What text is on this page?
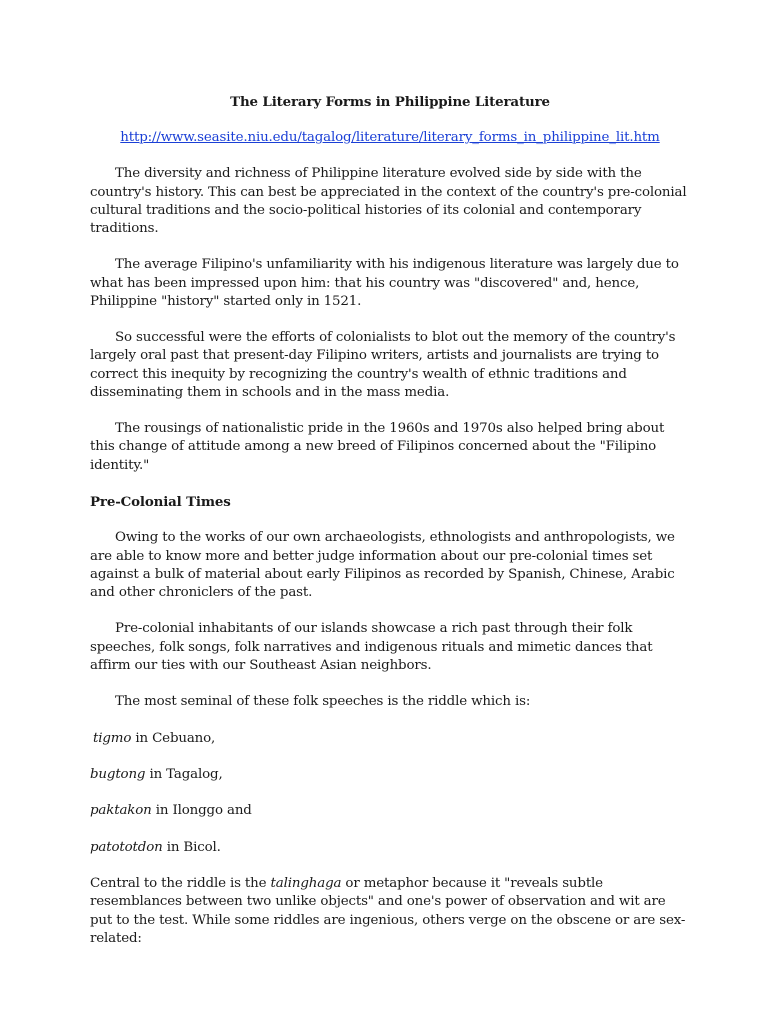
The Literary Forms in Philippine Literature
http://www.seasite.niu.edu/tagalog/literature/literary_forms_in_philippine_lit.htm

The diversity and richness of Philippine literature evolved side by side with the country's history. This can best be appreciated in the context of the country's pre-colonial cultural traditions and the socio-political histories of its colonial and contemporary traditions.

The average Filipino's unfamiliarity with his indigenous literature was largely due to what has been impressed upon him: that his country was "discovered" and, hence, Philippine "history" started only in 1521.

So successful were the efforts of colonialists to blot out the memory of the country's largely oral past that present-day Filipino writers, artists and journalists are trying to correct this inequity by recognizing the country's wealth of ethnic traditions and disseminating them in schools and in the mass media.

The rousings of nationalistic pride in the 1960s and 1970s also helped bring about this change of attitude among a new breed of Filipinos concerned about the "Filipino identity."

Pre-Colonial Times

Owing to the works of our own archaeologists, ethnologists and anthropologists, we are able to know more and better judge information about our pre-colonial times set against a bulk of material about early Filipinos as recorded by Spanish, Chinese, Arabic and other chroniclers of the past.

Pre-colonial inhabitants of our islands showcase a rich past through their folk speeches, folk songs, folk narratives and indigenous rituals and mimetic dances that affirm our ties with our Southeast Asian neighbors.

The most seminal of these folk speeches is the riddle which is:

tigmo in Cebuano,
bugtong in Tagalog,
paktakon in Ilonggo and
patototdon in Bicol.

Central to the riddle is the talinghaga or metaphor because it "reveals subtle resemblances between two unlike objects" and one's power of observation and wit are put to the test. While some riddles are ingenious, others verge on the obscene or are sex-related:
